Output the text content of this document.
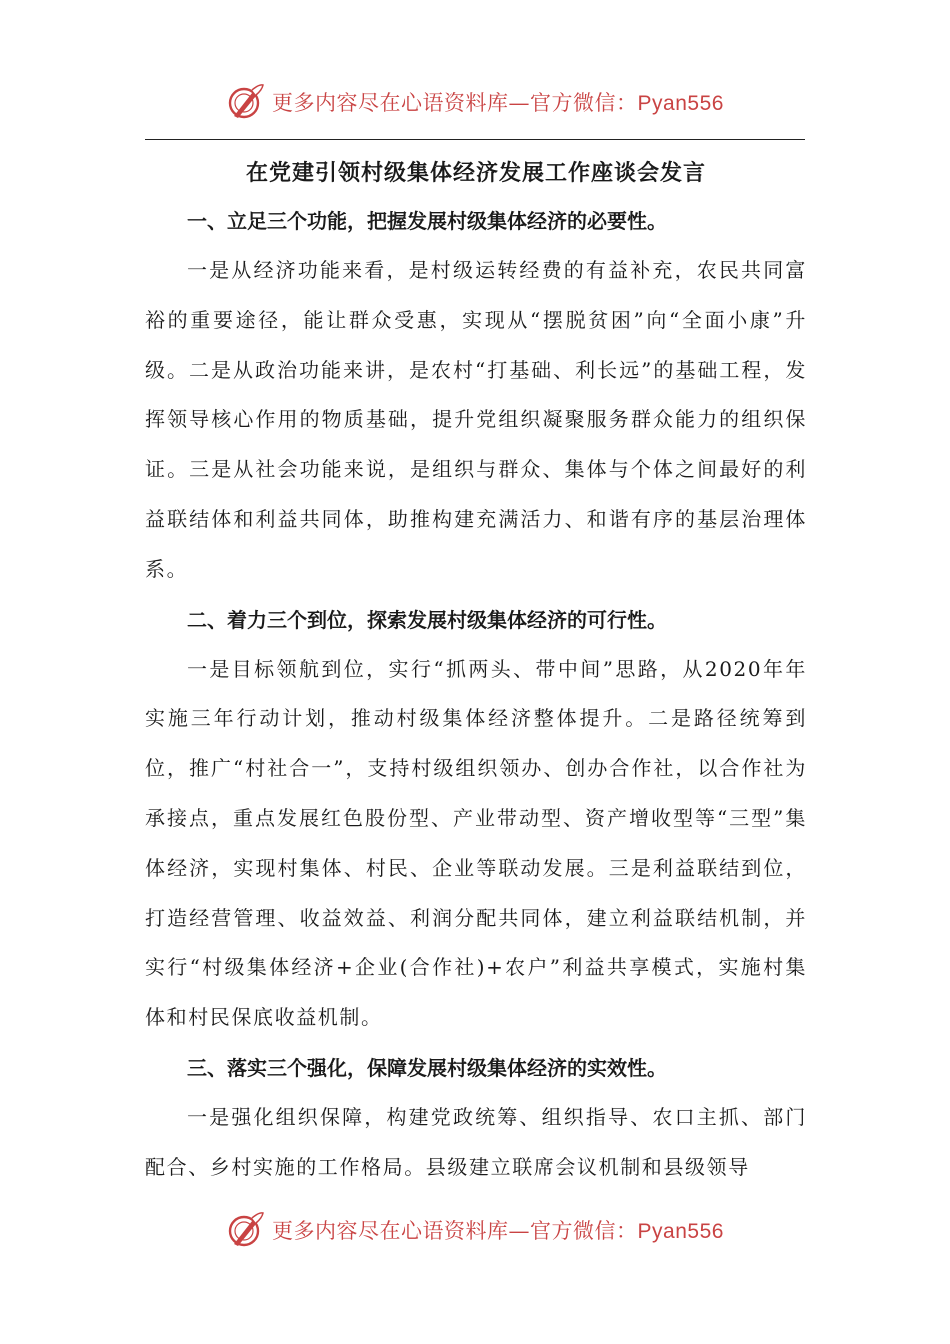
更多内容尽在心语资料库—官方微信：Pyan556
在党建引领村级集体经济发展工作座谈会发言
一、立足三个功能，把握发展村级集体经济的必要性。

一是从经济功能来看，是村级运转经费的有益补充，农民共同富裕的重要途径，能让群众受惠，实现从“摆脱贫困”向“全面小康”升级。二是从政治功能来讲，是农村“打基础、利长远”的基础工程，发挥领导核心作用的物质基础，提升党组织凝聚服务群众能力的组织保证。三是从社会功能来说，是组织与群众、集体与个体之间最好的利益联结体和利益共同体，助推构建充满活力、和谐有序的基层治理体系。

二、着力三个到位，探索发展村级集体经济的可行性。

一是目标领航到位，实行“抓两头、带中间”思路，从2020年年实施三年行动计划，推动村级集体经济整体提升。二是路径统筹到位，推广“村社合一”，支持村级组织领办、创办合作社，以合作社为承接点，重点发展红色股份型、产业带动型、资产增收型等“三型”集体经济，实现村集体、村民、企业等联动发展。三是利益联结到位，打造经营管理、收益效益、利润分配共同体，建立利益联结机制，并实行“村级集体经济+企业(合作社)+农户”利益共享模式，实施村集体和村民保底收益机制。

三、落实三个强化，保障发展村级集体经济的实效性。

一是强化组织保障，构建党政统筹、组织指导、农口主抓、部门配合、乡村实施的工作格局。县级建立联席会议机制和县级领导

更多内容尽在心语资料库—官方微信：Pyan556
